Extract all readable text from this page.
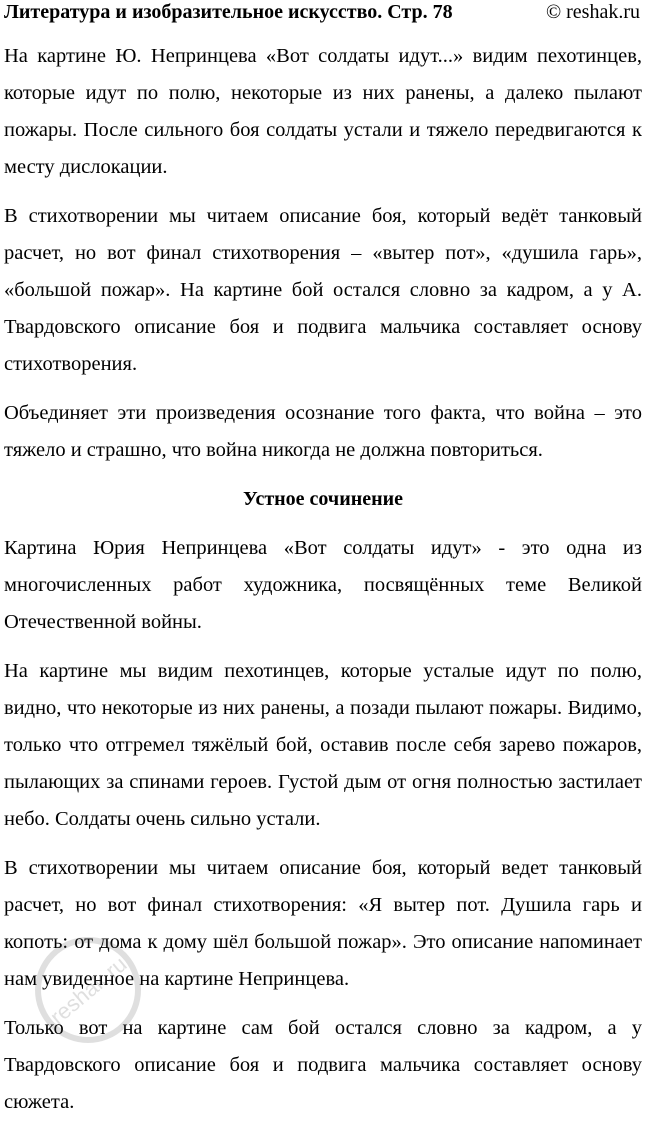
Литература и изобразительное искусство. Стр. 78	© reshak.ru

На картине Ю. Непринцева «Вот солдаты идут...» видим пехотинцев, которые идут по полю, некоторые из них ранены, а далеко пылают пожары. После сильного боя солдаты устали и тяжело передвигаются к месту дислокации.

В стихотворении мы читаем описание боя, который ведёт танковый расчет, но вот финал стихотворения – «вытер пот», «душила гарь», «большой пожар». На картине бой остался словно за кадром, а у А. Твардовского описание боя и подвига мальчика составляет основу стихотворения.

Объединяет эти произведения осознание того факта, что война – это тяжело и страшно, что война никогда не должна повториться.

Устное сочинение

Картина Юрия Непринцева «Вот солдаты идут» - это одна из многочисленных работ художника, посвящённых теме Великой Отечественной войны.

На картине мы видим пехотинцев, которые усталые идут по полю, видно, что некоторые из них ранены, а позади пылают пожары. Видимо, только что отгремел тяжёлый бой, оставив после себя зарево пожаров, пылающих за спинами героев. Густой дым от огня полностью застилает небо. Солдаты очень сильно устали.

В стихотворении мы читаем описание боя, который ведет танковый расчет, но вот финал стихотворения: «Я вытер пот. Душила гарь и копоть: от дома к дому шёл большой пожар». Это описание напоминает нам увиденное на картине Непринцева.

Только вот на картине сам бой остался словно за кадром, а у Твардовского описание боя и подвига мальчика составляет основу сюжета.

reshak.ru
